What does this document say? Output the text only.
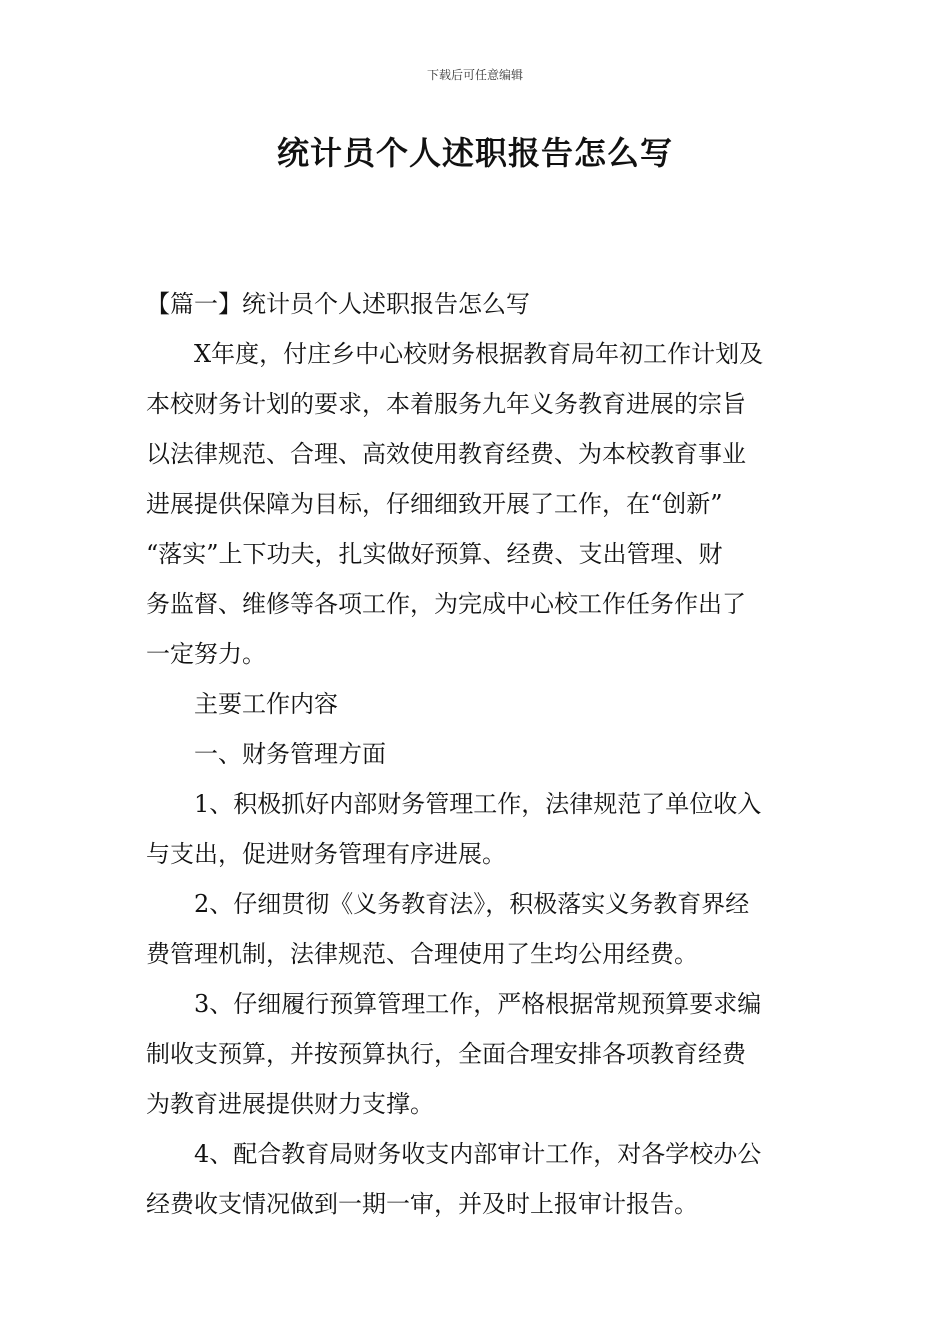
下载后可任意编辑
统计员个人述职报告怎么写
【篇一】统计员个人述职报告怎么写
X年度，付庄乡中心校财务根据教育局年初工作计划及
本校财务计划的要求，本着服务九年义务教育进展的宗旨
以法律规范、合理、高效使用教育经费、为本校教育事业
进展提供保障为目标，仔细细致开展了工作，在“创新”
“落实”上下功夫，扎实做好预算、经费、支出管理、财
务监督、维修等各项工作，为完成中心校工作任务作出了
一定努力。
主要工作内容
一、财务管理方面
1、积极抓好内部财务管理工作，法律规范了单位收入
与支出，促进财务管理有序进展。
2、仔细贯彻《义务教育法》，积极落实义务教育界经
费管理机制，法律规范、合理使用了生均公用经费。
3、仔细履行预算管理工作，严格根据常规预算要求编
制收支预算，并按预算执行，全面合理安排各项教育经费
为教育进展提供财力支撑。
4、配合教育局财务收支内部审计工作，对各学校办公
经费收支情况做到一期一审，并及时上报审计报告。
